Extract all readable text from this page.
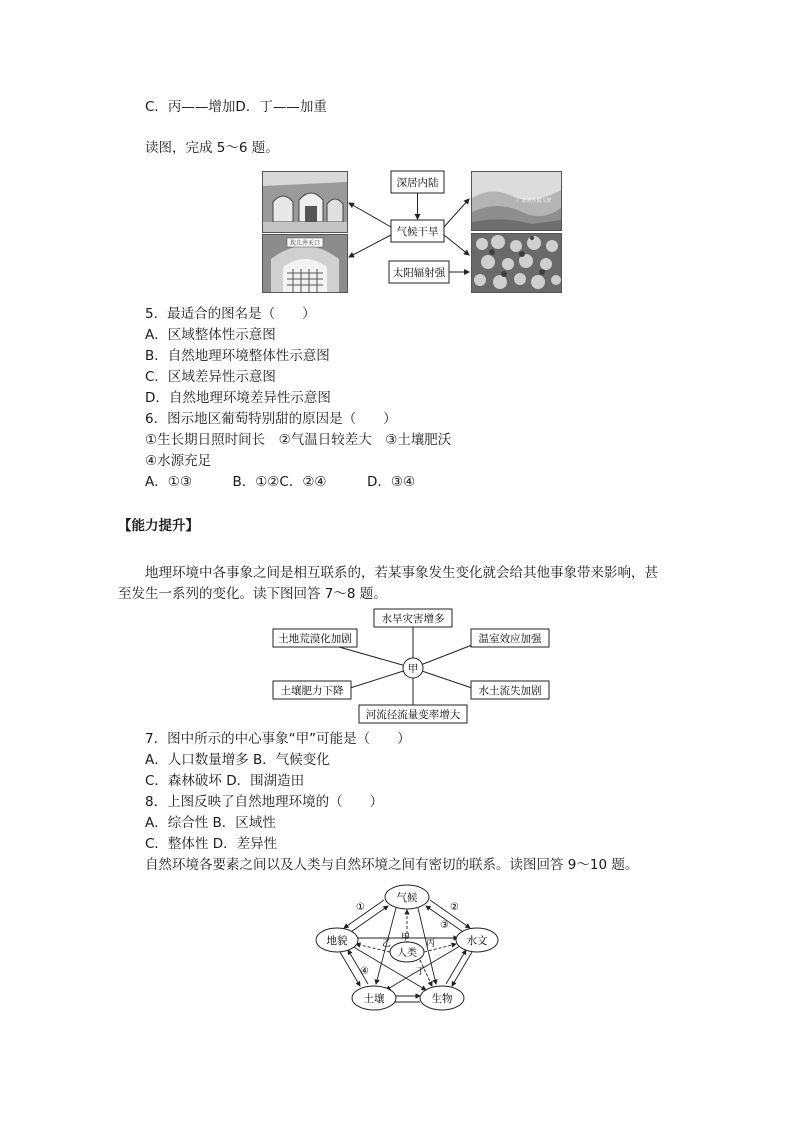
C．丙——增加D．丁——加重
读图，完成 5～6 题。
坎儿井天口
广袤的沙漠戈壁
深居内陆
气候干旱
太阳辐射强
5．最适合的图名是（　　）
A．区域整体性示意图
B．自然地理环境整体性示意图
C．区域差异性示意图
D．自然地理环境差异性示意图
6．图示地区葡萄特别甜的原因是（　　）
①生长期日照时间长　②气温日较差大　③土壤肥沃
④水源充足
A．①③　　　B．①②C．②④　　　D．③④
【能力提升】
地理环境中各事象之间是相互联系的，若某事象发生变化就会给其他事象带来影响，甚
至发生一系列的变化。读下图回答 7～8 题。
水旱灾害增多
土地荒漠化加剧	温室效应加强
土壤肥力下降	水土流失加剧
河流径流量变率增大
甲
7．图中所示的中心事象“甲”可能是（　　）
A．人口数量增多 B．气候变化
C．森林破坏 D．围湖造田
8．上图反映了自然地理环境的（　　）
A．综合性 B．区域性
C．整体性 D．差异性
自然环境各要素之间以及人类与自然环境之间有密切的联系。读图回答 9～10 题。
气候
地貌	水文
土壤	生物
人类
甲
乙	丙
丁
①	②
③
④
